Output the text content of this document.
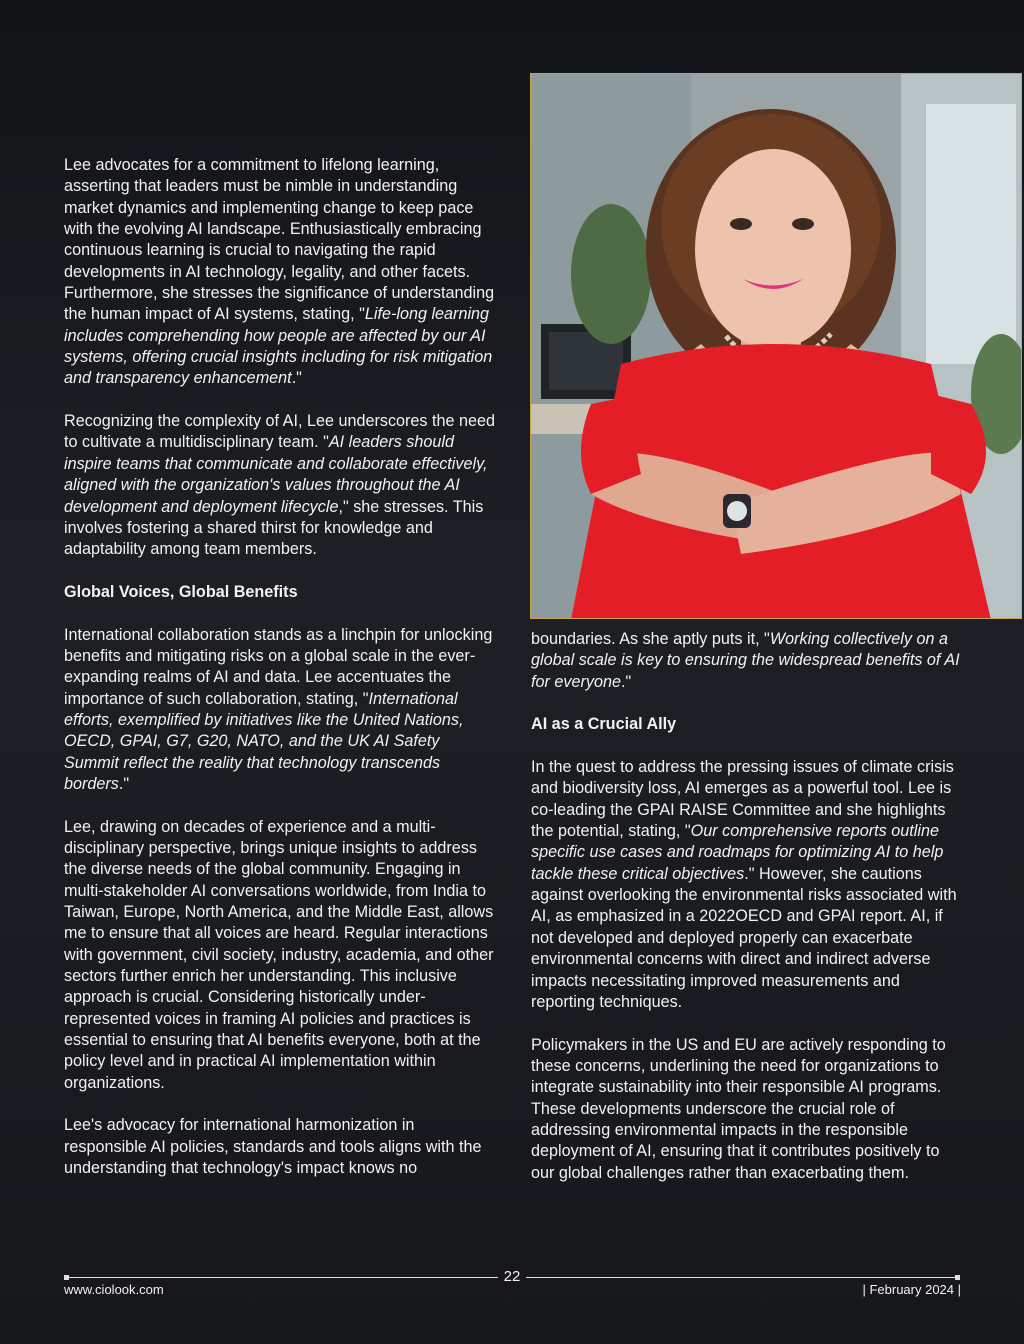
Lee advocates for a commitment to lifelong learning, asserting that leaders must be nimble in understanding market dynamics and implementing change to keep pace with the evolving AI landscape. Enthusiastically embracing continuous learning is crucial to navigating the rapid developments in AI technology, legality, and other facets. Furthermore, she stresses the significance of understanding the human impact of AI systems, stating, "Life-long learning includes comprehending how people are affected by our AI systems, offering crucial insights including for risk mitigation and transparency enhancement."

Recognizing the complexity of AI, Lee underscores the need to cultivate a multidisciplinary team. "AI leaders should inspire teams that communicate and collaborate effectively, aligned with the organization's values throughout the AI development and deployment lifecycle," she stresses. This involves fostering a shared thirst for knowledge and adaptability among team members.

Global Voices, Global Benefits

International collaboration stands as a linchpin for unlocking benefits and mitigating risks on a global scale in the ever-expanding realms of AI and data. Lee accentuates the importance of such collaboration, stating, "International efforts, exemplified by initiatives like the United Nations, OECD, GPAI, G7, G20, NATO, and the UK AI Safety Summit reflect the reality that technology transcends borders."

Lee, drawing on decades of experience and a multi-disciplinary perspective, brings unique insights to address the diverse needs of the global community. Engaging in multi-stakeholder AI conversations worldwide, from India to Taiwan, Europe, North America, and the Middle East, allows me to ensure that all voices are heard. Regular interactions with government, civil society, industry, academia, and other sectors further enrich her understanding. This inclusive approach is crucial. Considering historically under-represented voices in framing AI policies and practices is essential to ensuring that AI benefits everyone, both at the policy level and in practical AI implementation within organizations.

Lee's advocacy for international harmonization in responsible AI policies, standards and tools aligns with the understanding that technology's impact knows no

boundaries. As she aptly puts it, "Working collectively on a global scale is key to ensuring the widespread benefits of AI for everyone."

AI as a Crucial Ally

In the quest to address the pressing issues of climate crisis and biodiversity loss, AI emerges as a powerful tool. Lee is co-leading the GPAI RAISE Committee and she highlights the potential, stating, "Our comprehensive reports outline specific use cases and roadmaps for optimizing AI to help tackle these critical objectives." However, she cautions against overlooking the environmental risks associated with AI, as emphasized in a 2022OECD and GPAI report. AI, if not developed and deployed properly can exacerbate environmental concerns with direct and indirect adverse impacts necessitating improved measurements and reporting techniques.

Policymakers in the US and EU are actively responding to these concerns, underlining the need for organizations to integrate sustainability into their responsible AI programs. These developments underscore the crucial role of addressing environmental impacts in the responsible deployment of AI, ensuring that it contributes positively to our global challenges rather than exacerbating them.

22
www.ciolook.com	| February 2024 |
